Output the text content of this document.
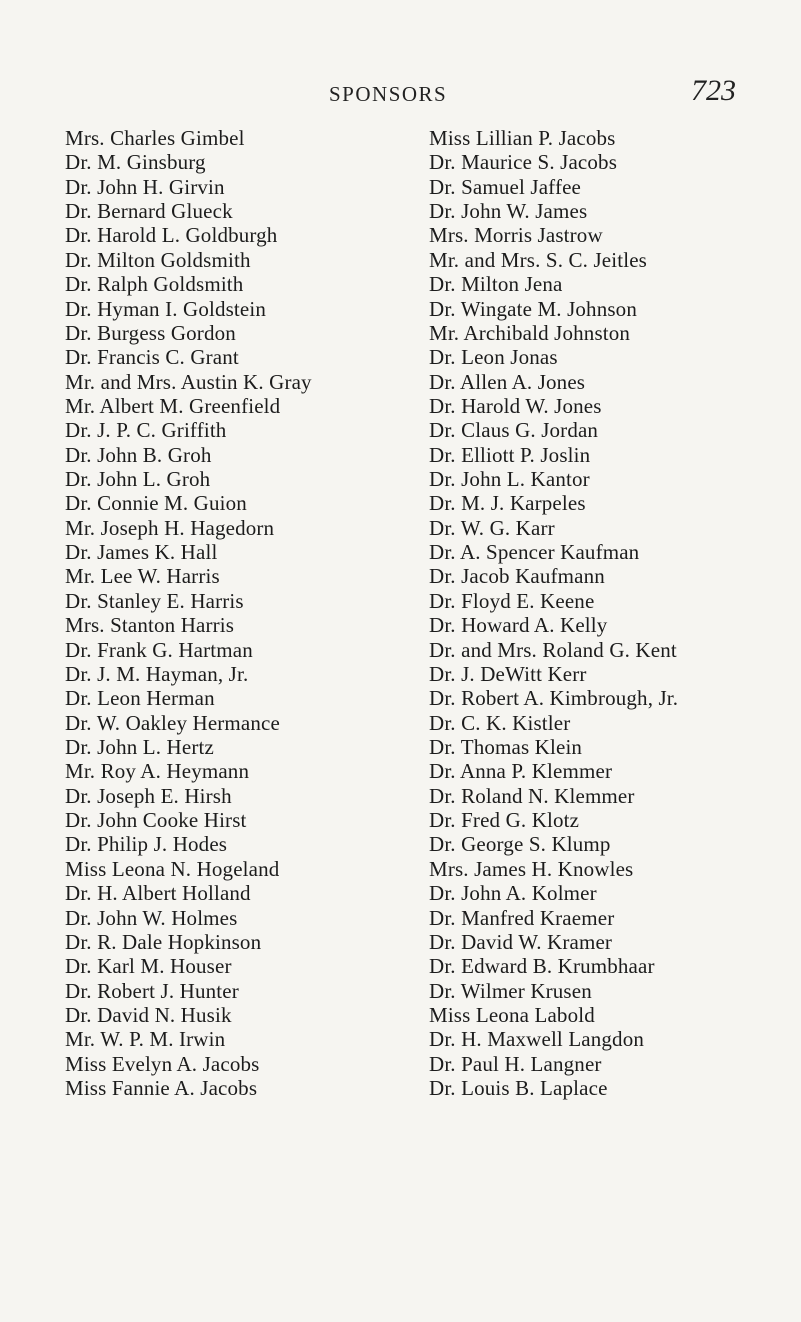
SPONSORS	723
Mrs. Charles Gimbel
Dr. M. Ginsburg
Dr. John H. Girvin
Dr. Bernard Glueck
Dr. Harold L. Goldburgh
Dr. Milton Goldsmith
Dr. Ralph Goldsmith
Dr. Hyman I. Goldstein
Dr. Burgess Gordon
Dr. Francis C. Grant
Mr. and Mrs. Austin K. Gray
Mr. Albert M. Greenfield
Dr. J. P. C. Griffith
Dr. John B. Groh
Dr. John L. Groh
Dr. Connie M. Guion
Mr. Joseph H. Hagedorn
Dr. James K. Hall
Mr. Lee W. Harris
Dr. Stanley E. Harris
Mrs. Stanton Harris
Dr. Frank G. Hartman
Dr. J. M. Hayman, Jr.
Dr. Leon Herman
Dr. W. Oakley Hermance
Dr. John L. Hertz
Mr. Roy A. Heymann
Dr. Joseph E. Hirsh
Dr. John Cooke Hirst
Dr. Philip J. Hodes
Miss Leona N. Hogeland
Dr. H. Albert Holland
Dr. John W. Holmes
Dr. R. Dale Hopkinson
Dr. Karl M. Houser
Dr. Robert J. Hunter
Dr. David N. Husik
Mr. W. P. M. Irwin
Miss Evelyn A. Jacobs
Miss Fannie A. Jacobs
Miss Lillian P. Jacobs
Dr. Maurice S. Jacobs
Dr. Samuel Jaffee
Dr. John W. James
Mrs. Morris Jastrow
Mr. and Mrs. S. C. Jeitles
Dr. Milton Jena
Dr. Wingate M. Johnson
Mr. Archibald Johnston
Dr. Leon Jonas
Dr. Allen A. Jones
Dr. Harold W. Jones
Dr. Claus G. Jordan
Dr. Elliott P. Joslin
Dr. John L. Kantor
Dr. M. J. Karpeles
Dr. W. G. Karr
Dr. A. Spencer Kaufman
Dr. Jacob Kaufmann
Dr. Floyd E. Keene
Dr. Howard A. Kelly
Dr. and Mrs. Roland G. Kent
Dr. J. DeWitt Kerr
Dr. Robert A. Kimbrough, Jr.
Dr. C. K. Kistler
Dr. Thomas Klein
Dr. Anna P. Klemmer
Dr. Roland N. Klemmer
Dr. Fred G. Klotz
Dr. George S. Klump
Mrs. James H. Knowles
Dr. John A. Kolmer
Dr. Manfred Kraemer
Dr. David W. Kramer
Dr. Edward B. Krumbhaar
Dr. Wilmer Krusen
Miss Leona Labold
Dr. H. Maxwell Langdon
Dr. Paul H. Langner
Dr. Louis B. Laplace
